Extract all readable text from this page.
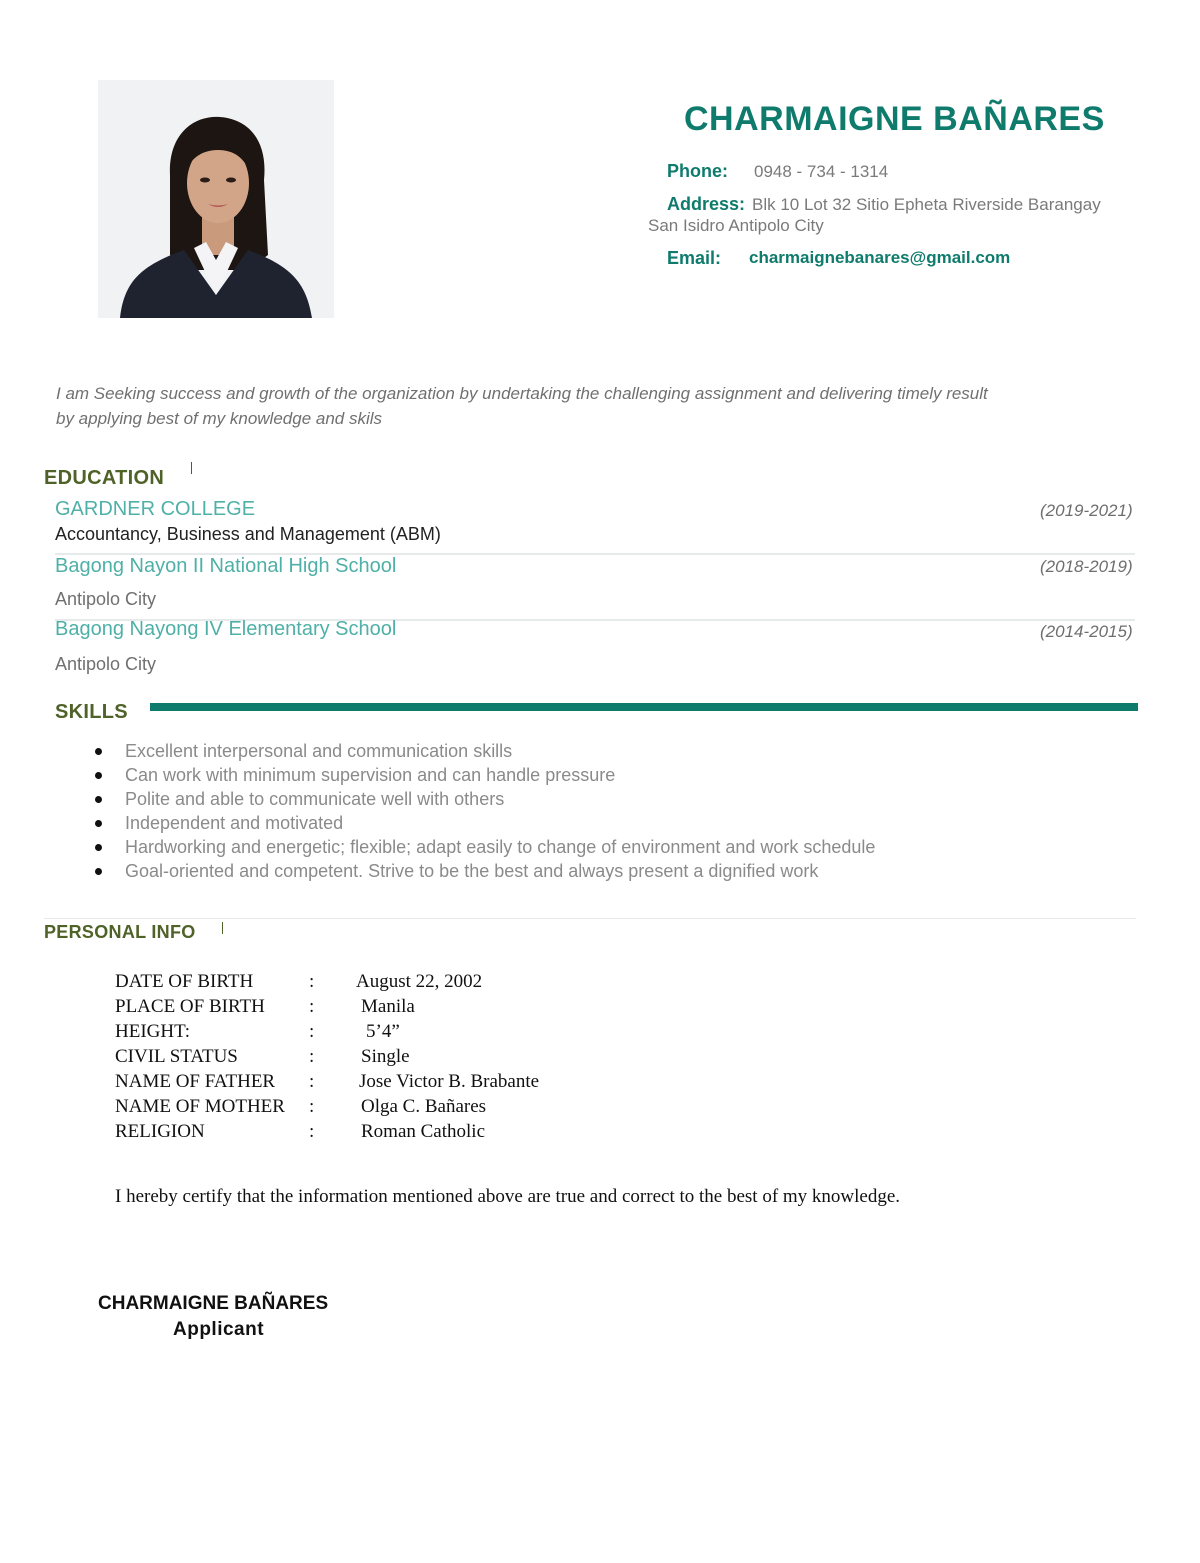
CHARMAIGNE BAÑARES
Phone: 0948 - 734 - 1314
Address: Blk 10 Lot 32 Sitio Epheta Riverside Barangay
San Isidro Antipolo City
Email: charmaignebanares@gmail.com
I am Seeking success and growth of the organization by undertaking the challenging assignment and delivering timely result
by applying best of my knowledge and skils
EDUCATION
GARDNER COLLEGE	(2019-2021)
Accountancy, Business and Management (ABM)
Bagong Nayon II National High School	(2018-2019)
Antipolo City
Bagong Nayong IV Elementary School	(2014-2015)
Antipolo City
SKILLS
Excellent interpersonal and communication skills
Can work with minimum supervision and can handle pressure
Polite and able to communicate well with others
Independent and motivated
Hardworking and energetic; flexible; adapt easily to change of environment and work schedule
Goal-oriented and competent. Strive to be the best and always present a dignified work
PERSONAL INFO
DATE OF BIRTH	: August 22, 2002
PLACE OF BIRTH : Manila
HEIGHT:	:	5’4”
CIVIL STATUS	: Single
NAME OF FATHER : Jose Victor B. Brabante
NAME OF MOTHER : Olga C. Bañares
RELIGION	: Roman Catholic
I hereby certify that the information mentioned above are true and correct to the best of my knowledge.
CHARMAIGNE BAÑARES
Applicant
